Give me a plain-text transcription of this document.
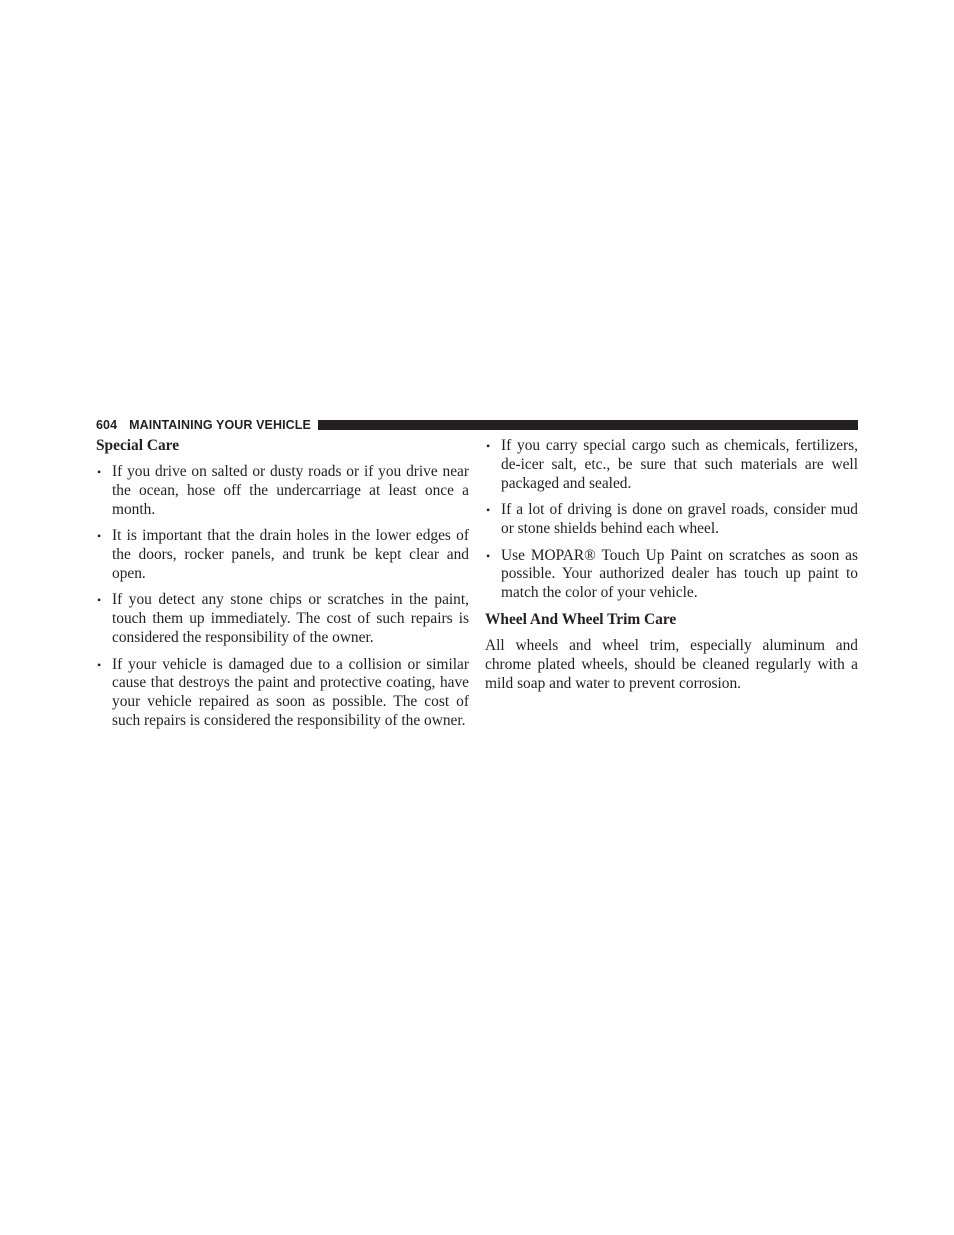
604 MAINTAINING YOUR VEHICLE
Special Care
• If you drive on salted or dusty roads or if you drive near the ocean, hose off the undercarriage at least once a month.
• It is important that the drain holes in the lower edges of the doors, rocker panels, and trunk be kept clear and open.
• If you detect any stone chips or scratches in the paint, touch them up immediately. The cost of such repairs is considered the responsibility of the owner.
• If your vehicle is damaged due to a collision or similar cause that destroys the paint and protective coating, have your vehicle repaired as soon as possible. The cost of such repairs is considered the responsibility of the owner.
• If you carry special cargo such as chemicals, fertilizers, de-icer salt, etc., be sure that such materials are well packaged and sealed.
• If a lot of driving is done on gravel roads, consider mud or stone shields behind each wheel.
• Use MOPAR® Touch Up Paint on scratches as soon as possible. Your authorized dealer has touch up paint to match the color of your vehicle.
Wheel And Wheel Trim Care

All wheels and wheel trim, especially aluminum and chrome plated wheels, should be cleaned regularly with a mild soap and water to prevent corrosion.
